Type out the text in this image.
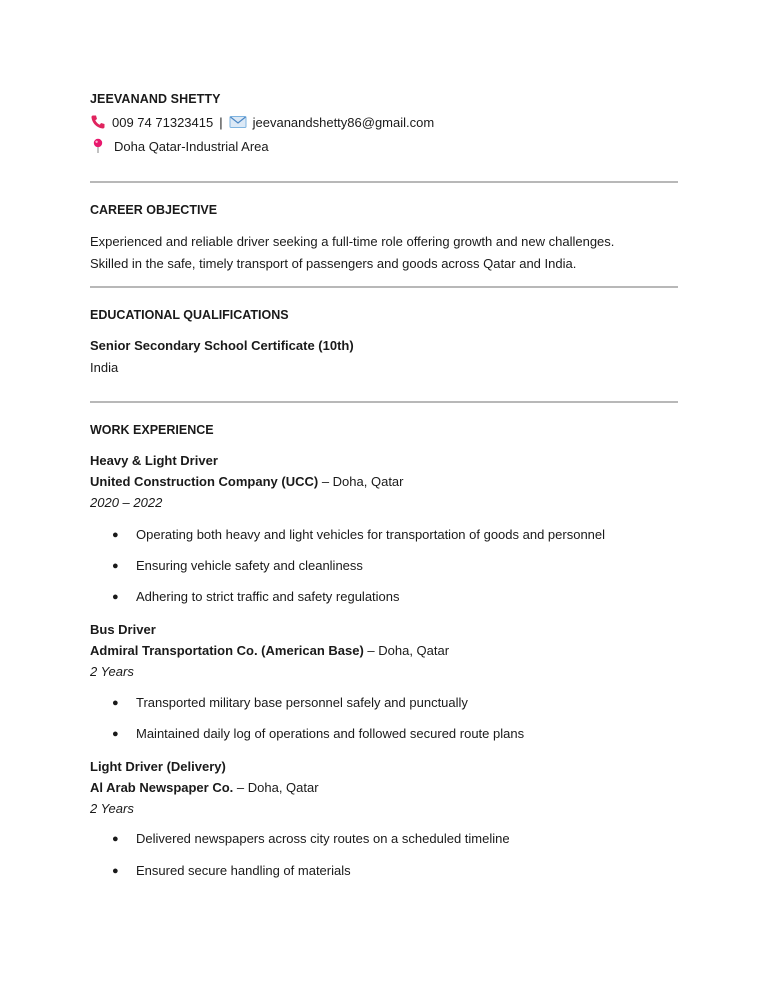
JEEVANAND SHETTY
009 74 71323415 | jeevanandshetty86@gmail.com
Doha Qatar-Industrial Area
CAREER OBJECTIVE
Experienced and reliable driver seeking a full-time role offering growth and new challenges.
Skilled in the safe, timely transport of passengers and goods across Qatar and India.
EDUCATIONAL QUALIFICATIONS
Senior Secondary School Certificate (10th)
India
WORK EXPERIENCE
Heavy & Light Driver
United Construction Company (UCC) – Doha, Qatar
2020 – 2022
●	Operating both heavy and light vehicles for transportation of goods and personnel
●	Ensuring vehicle safety and cleanliness
●	Adhering to strict traffic and safety regulations
Bus Driver
Admiral Transportation Co. (American Base) – Doha, Qatar
2 Years
●	Transported military base personnel safely and punctually
●	Maintained daily log of operations and followed secured route plans
Light Driver (Delivery)
Al Arab Newspaper Co. – Doha, Qatar
2 Years
●	Delivered newspapers across city routes on a scheduled timeline
●	Ensured secure handling of materials
